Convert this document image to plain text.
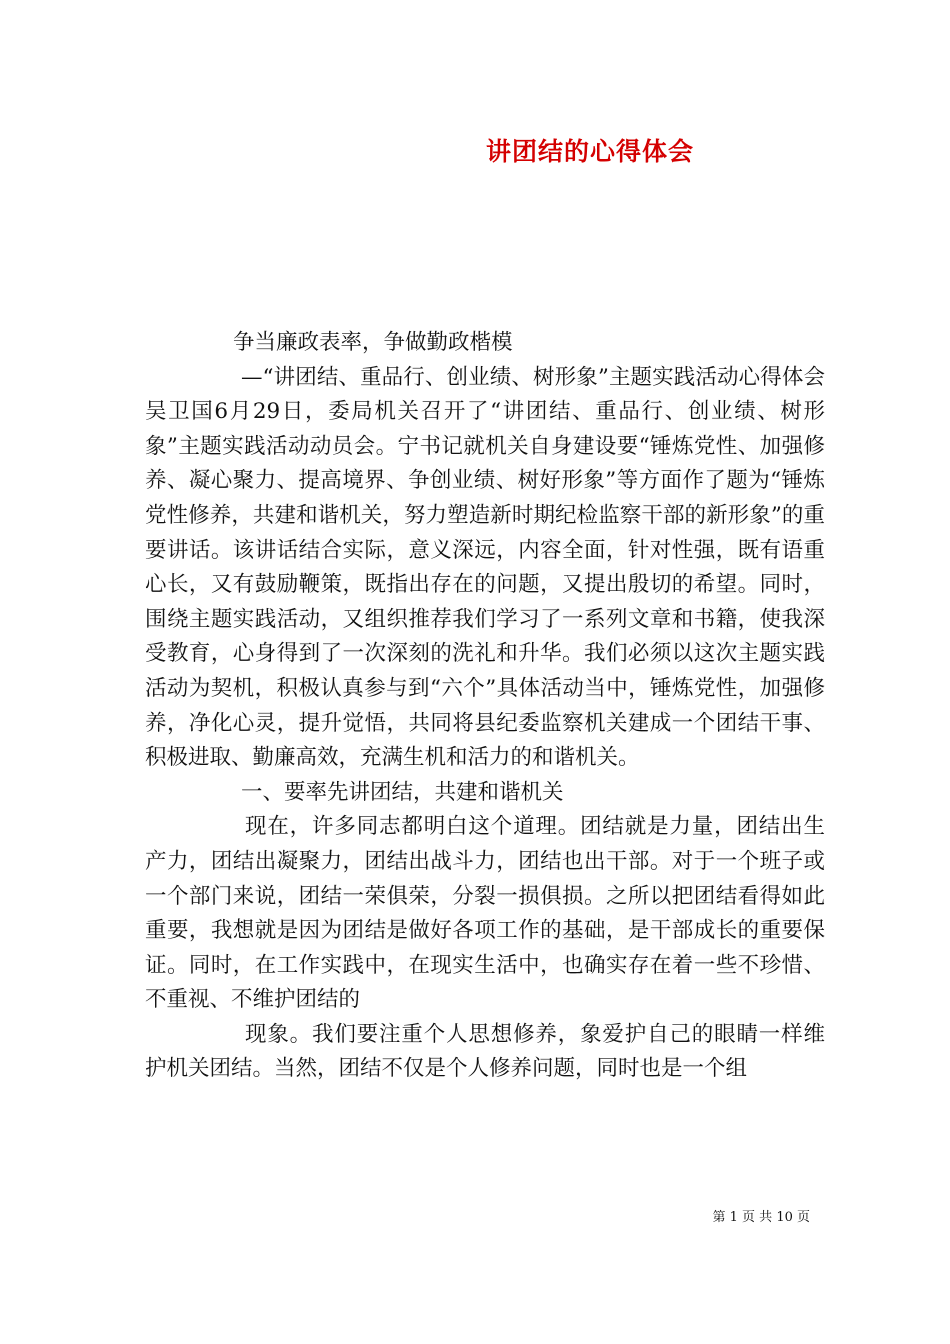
讲团结的心得体会

争当廉政表率，争做勤政楷模

—“讲团结、重品行、创业绩、树形象”主题实践活动心得体会吴卫国6月29日，委局机关召开了“讲团结、重品行、创业绩、树形象”主题实践活动动员会。宁书记就机关自身建设要“锤炼党性、加强修养、凝心聚力、提高境界、争创业绩、树好形象”等方面作了题为“锤炼党性修养，共建和谐机关，努力塑造新时期纪检监察干部的新形象”的重要讲话。该讲话结合实际，意义深远，内容全面，针对性强，既有语重心长，又有鼓励鞭策，既指出存在的问题，又提出殷切的希望。同时，围绕主题实践活动，又组织推荐我们学习了一系列文章和书籍，使我深受教育，心身得到了一次深刻的洗礼和升华。我们必须以这次主题实践活动为契机，积极认真参与到“六个”具体活动当中，锤炼党性，加强修养，净化心灵，提升觉悟，共同将县纪委监察机关建成一个团结干事、积极进取、勤廉高效，充满生机和活力的和谐机关。

一、要率先讲团结，共建和谐机关

现在，许多同志都明白这个道理。团结就是力量，团结出生产力，团结出凝聚力，团结出战斗力，团结也出干部。对于一个班子或一个部门来说，团结一荣俱荣，分裂一损俱损。之所以把团结看得如此重要，我想就是因为团结是做好各项工作的基础，是干部成长的重要保证。同时，在工作实践中，在现实生活中，也确实存在着一些不珍惜、不重视、不维护团结的

现象。我们要注重个人思想修养，象爱护自己的眼睛一样维护机关团结。当然，团结不仅是个人修养问题，同时也是一个组

第 1 页 共 10 页
